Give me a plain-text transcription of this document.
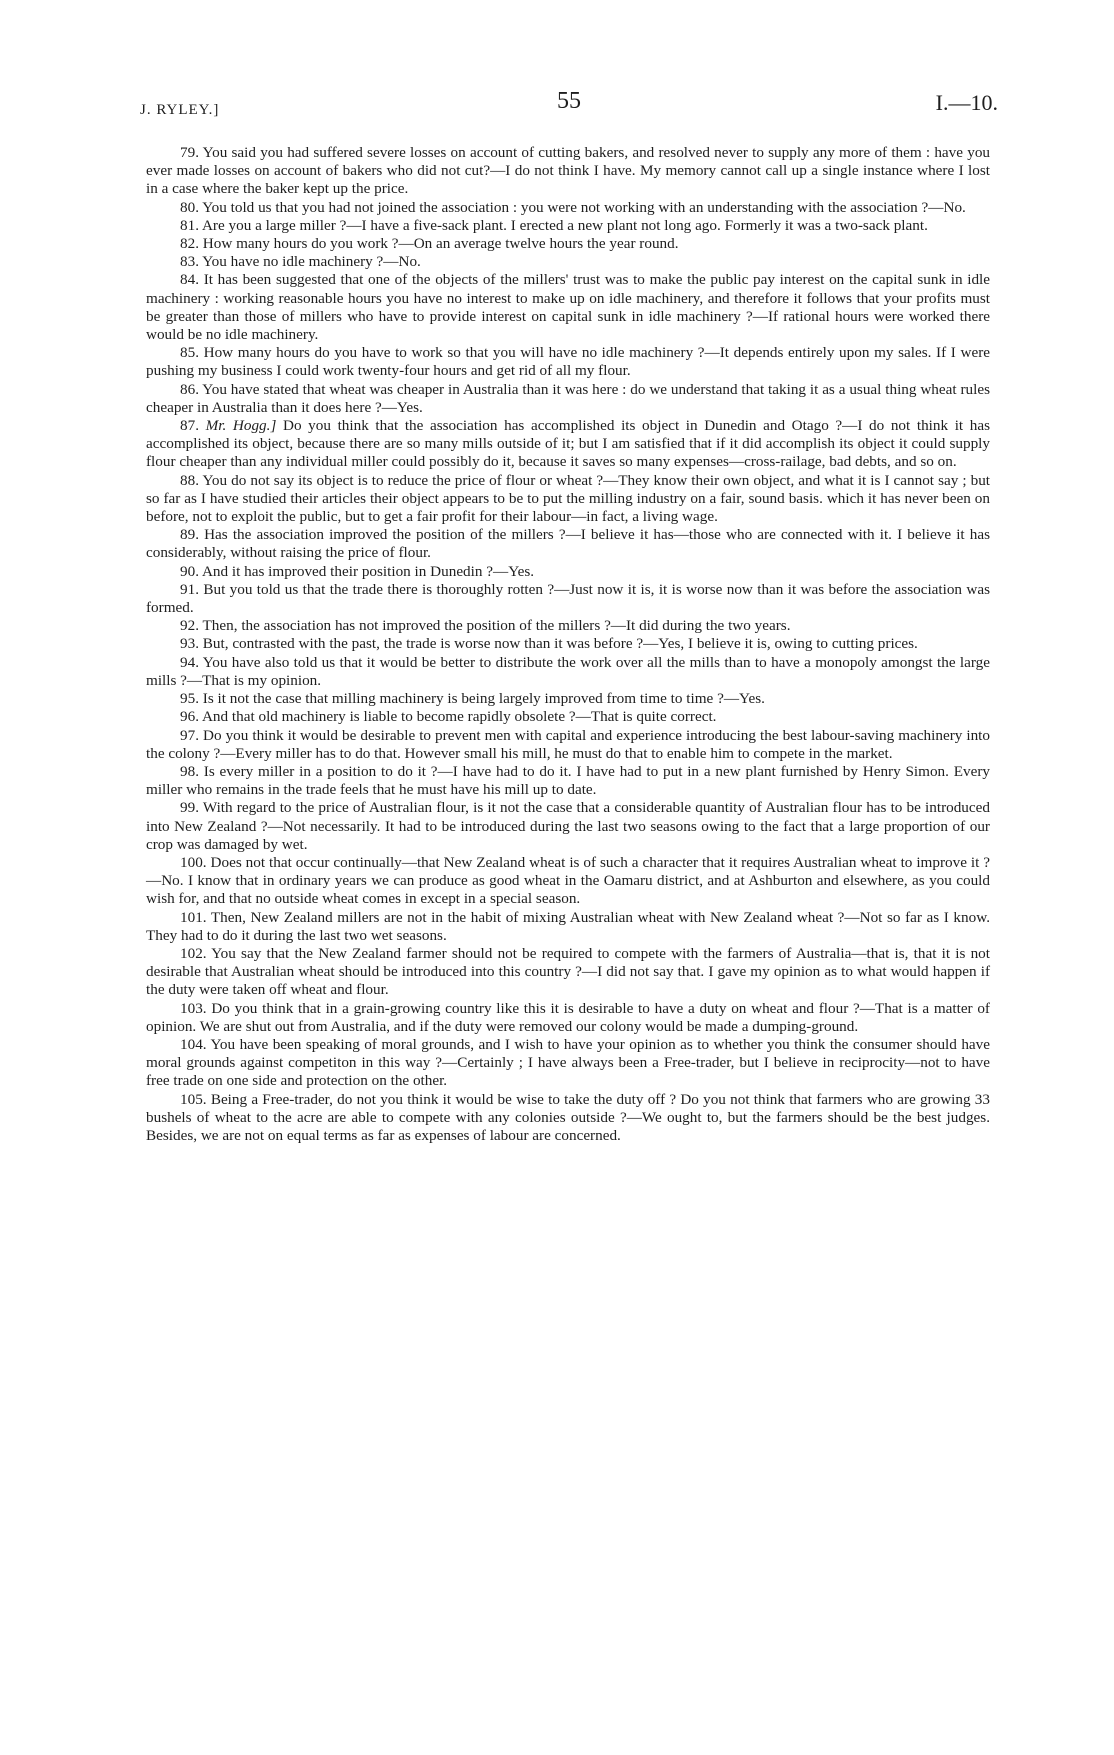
J. RYLEY.]	55	I.—10.

79. You said you had suffered severe losses on account of cutting bakers, and resolved never to supply any more of them : have you ever made losses on account of bakers who did not cut?—I do not think I have. My memory cannot call up a single instance where I lost in a case where the baker kept up the price.

80. You told us that you had not joined the association : you were not working with an understanding with the association ?—No.

81. Are you a large miller ?—I have a five-sack plant. I erected a new plant not long ago. Formerly it was a two-sack plant.

82. How many hours do you work ?—On an average twelve hours the year round.

83. You have no idle machinery ?—No.

84. It has been suggested that one of the objects of the millers' trust was to make the public pay interest on the capital sunk in idle machinery : working reasonable hours you have no interest to make up on idle machinery, and therefore it follows that your profits must be greater than those of millers who have to provide interest on capital sunk in idle machinery ?—If rational hours were worked there would be no idle machinery.

85. How many hours do you have to work so that you will have no idle machinery ?—It depends entirely upon my sales. If I were pushing my business I could work twenty-four hours and get rid of all my flour.

86. You have stated that wheat was cheaper in Australia than it was here : do we understand that taking it as a usual thing wheat rules cheaper in Australia than it does here ?—Yes.

87. Mr. Hogg.] Do you think that the association has accomplished its object in Dunedin and Otago ?—I do not think it has accomplished its object, because there are so many mills outside of it; but I am satisfied that if it did accomplish its object it could supply flour cheaper than any individual miller could possibly do it, because it saves so many expenses—cross-railage, bad debts, and so on.

88. You do not say its object is to reduce the price of flour or wheat ?—They know their own object, and what it is I cannot say ; but so far as I have studied their articles their object appears to be to put the milling industry on a fair, sound basis. which it has never been on before, not to exploit the public, but to get a fair profit for their labour—in fact, a living wage.

89. Has the association improved the position of the millers ?—I believe it has—those who are connected with it. I believe it has considerably, without raising the price of flour.

90. And it has improved their position in Dunedin ?—Yes.

91. But you told us that the trade there is thoroughly rotten ?—Just now it is, it is worse now than it was before the association was formed.

92. Then, the association has not improved the position of the millers ?—It did during the two years.

93. But, contrasted with the past, the trade is worse now than it was before ?—Yes, I believe it is, owing to cutting prices.

94. You have also told us that it would be better to distribute the work over all the mills than to have a monopoly amongst the large mills ?—That is my opinion.

95. Is it not the case that milling machinery is being largely improved from time to time ?—Yes.

96. And that old machinery is liable to become rapidly obsolete ?—That is quite correct.

97. Do you think it would be desirable to prevent men with capital and experience introducing the best labour-saving machinery into the colony ?—Every miller has to do that. However small his mill, he must do that to enable him to compete in the market.

98. Is every miller in a position to do it ?—I have had to do it. I have had to put in a new plant furnished by Henry Simon. Every miller who remains in the trade feels that he must have his mill up to date.

99. With regard to the price of Australian flour, is it not the case that a considerable quantity of Australian flour has to be introduced into New Zealand ?—Not necessarily. It had to be introduced during the last two seasons owing to the fact that a large proportion of our crop was damaged by wet.

100. Does not that occur continually—that New Zealand wheat is of such a character that it requires Australian wheat to improve it ?—No. I know that in ordinary years we can produce as good wheat in the Oamaru district, and at Ashburton and elsewhere, as you could wish for, and that no outside wheat comes in except in a special season.

101. Then, New Zealand millers are not in the habit of mixing Australian wheat with New Zealand wheat ?—Not so far as I know. They had to do it during the last two wet seasons.

102. You say that the New Zealand farmer should not be required to compete with the farmers of Australia—that is, that it is not desirable that Australian wheat should be introduced into this country ?—I did not say that. I gave my opinion as to what would happen if the duty were taken off wheat and flour.

103. Do you think that in a grain-growing country like this it is desirable to have a duty on wheat and flour ?—That is a matter of opinion. We are shut out from Australia, and if the duty were removed our colony would be made a dumping-ground.

104. You have been speaking of moral grounds, and I wish to have your opinion as to whether you think the consumer should have moral grounds against competiton in this way ?—Certainly ; I have always been a Free-trader, but I believe in reciprocity—not to have free trade on one side and protection on the other.

105. Being a Free-trader, do not you think it would be wise to take the duty off ? Do you not think that farmers who are growing 33 bushels of wheat to the acre are able to compete with any colonies outside ?—We ought to, but the farmers should be the best judges. Besides, we are not on equal terms as far as expenses of labour are concerned.
